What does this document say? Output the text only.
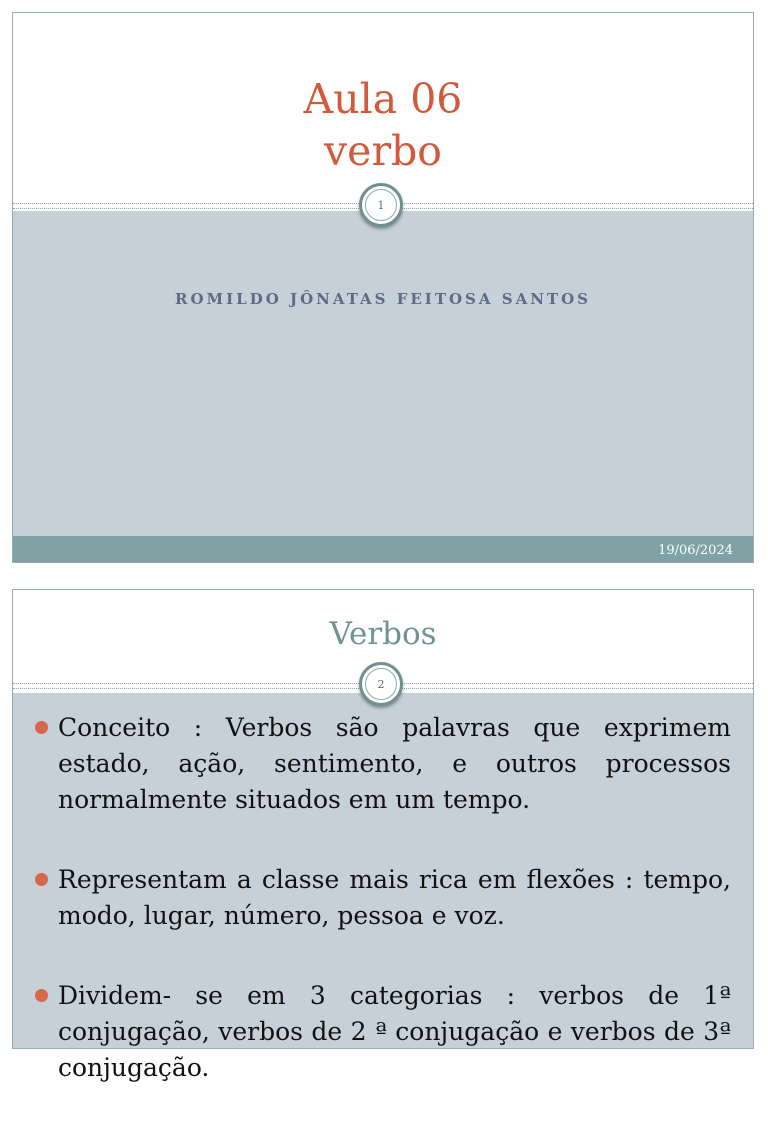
Aula 06
verbo
1
ROMILDO JÔNATAS FEITOSA SANTOS
19/06/2024
Verbos
2
Conceito : Verbos são palavras que exprimem estado, ação, sentimento, e outros processos normalmente situados em um tempo.
Representam a classe mais rica em flexões : tempo, modo, lugar, número, pessoa e voz.
Dividem- se em 3 categorias : verbos de 1ª conjugação, verbos de 2 ª conjugação e verbos de 3ª conjugação.
